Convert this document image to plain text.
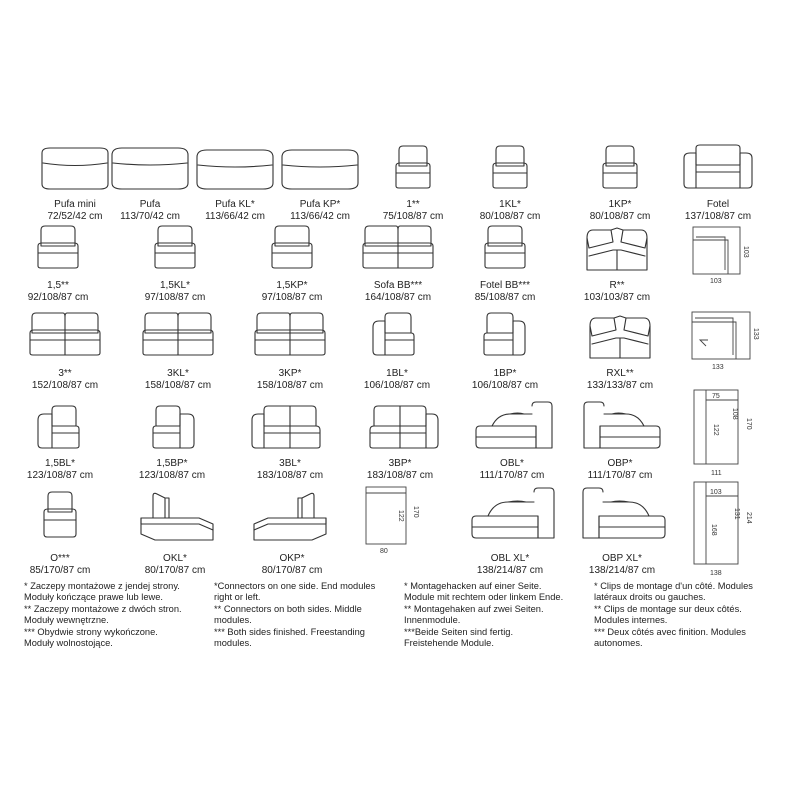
103
103
133
133
75
108
122
170
111
122 170
80
103
131
168
214
138
Pufa mini
72/52/42 cm
Pufa
113/70/42 cm
Pufa KL*
113/66/42 cm
Pufa KP*
113/66/42 cm
1**
75/108/87 cm
1KL*
80/108/87 cm
1KP*
80/108/87 cm
Fotel
137/108/87 cm
1,5**
92/108/87 cm
1,5KL*
97/108/87 cm
1,5KP*
97/108/87 cm
Sofa BB***
164/108/87 cm
Fotel BB***
85/108/87 cm
R**
103/103/87 cm
3**
152/108/87 cm
3KL*
158/108/87 cm
3KP*
158/108/87 cm
1BL*
106/108/87 cm
1BP*
106/108/87 cm
RXL**
133/133/87 cm
1,5BL*
123/108/87 cm
1,5BP*
123/108/87 cm
3BL*
183/108/87 cm
3BP*
183/108/87 cm
OBL*
111/170/87 cm
OBP*
111/170/87 cm
O***
85/170/87 cm
OKL*
80/170/87 cm
OKP*
80/170/87 cm
OBL XL*
138/214/87 cm
OBP XL*
138/214/87 cm
* Zaczepy montażowe z jendej strony.
Moduły kończące prawe lub lewe.
** Zaczepy montażowe z dwóch stron.
Moduły wewnętrzne.
*** Obydwie strony wykończone.
Moduły wolnostojące.
*Connectors on one side. End modules
right or left.
** Connectors on both sides. Middle
modules.
*** Both sides finished. Freestanding
modules.
* Montagehacken auf einer Seite.
Module mit rechtem oder linkem Ende.
** Montagehaken auf zwei Seiten.
Innenmodule.
***Beide Seiten sind fertig.
Freistehende Module.
* Clips de montage d'un côté. Modules
latéraux droits ou gauches.
** Clips de montage sur deux côtés.
Modules internes.
*** Deux côtés avec finition. Modules
autonomes.
